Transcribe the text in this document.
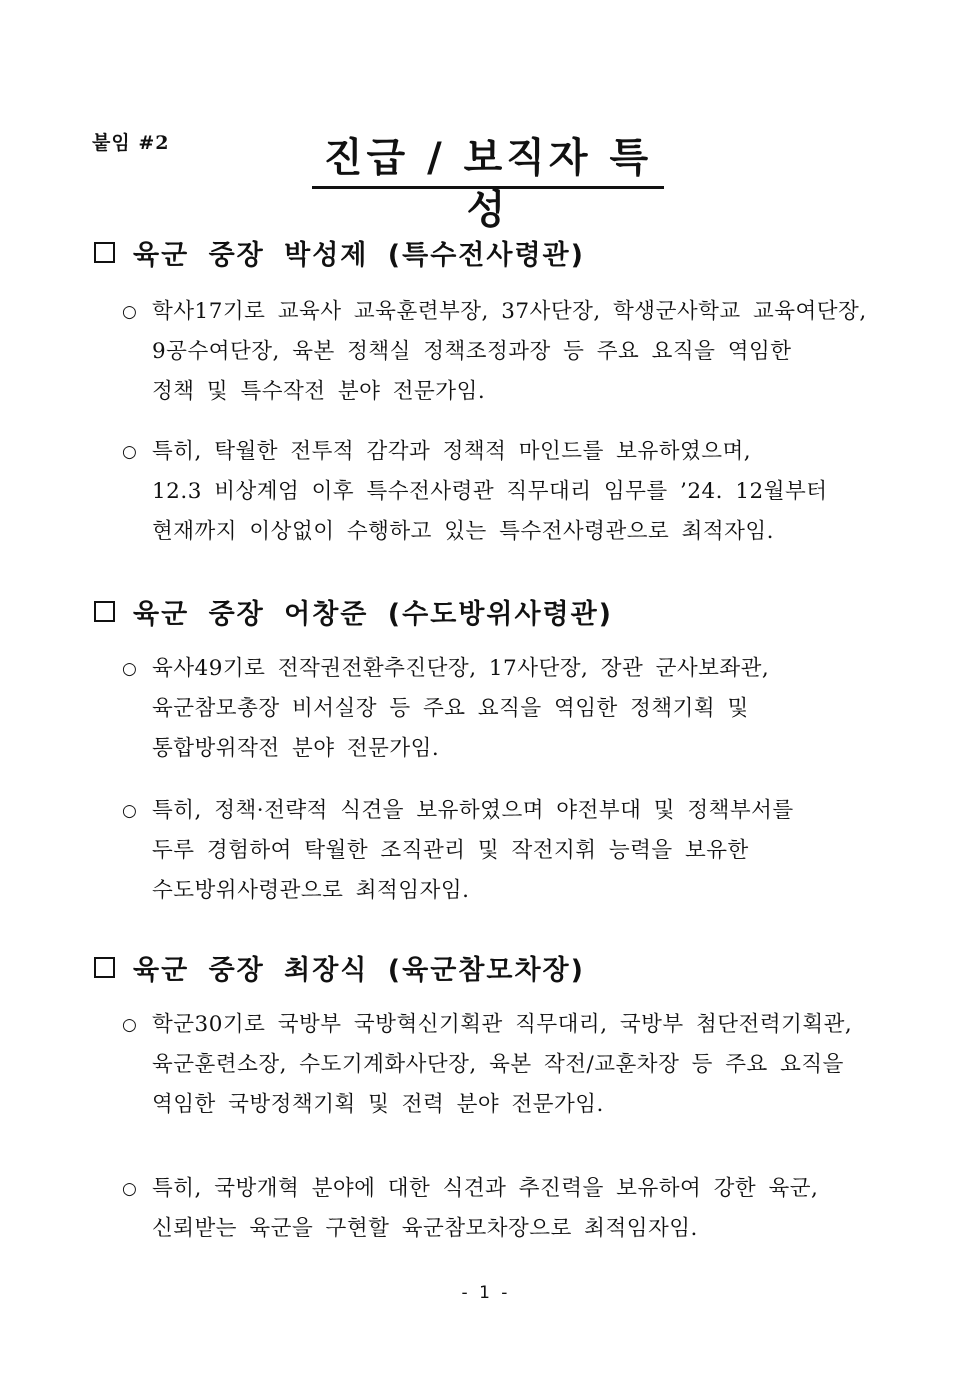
붙임 #2	진급 / 보직자 특성
육군 중장 박성제 (특수전사령관)
○ 학사17기로 교육사 교육훈련부장, 37사단장, 학생군사학교 교육여단장,
9공수여단장, 육본 정책실 정책조정과장 등 주요 요직을 역임한
정책 및 특수작전 분야 전문가임.
○ 특히, 탁월한 전투적 감각과 정책적 마인드를 보유하였으며,
12.3 비상계엄 이후 특수전사령관 직무대리 임무를 ’24. 12월부터
현재까지 이상없이 수행하고 있는 특수전사령관으로 최적자임.
육군 중장 어창준 (수도방위사령관)
○ 육사49기로 전작권전환추진단장, 17사단장, 장관 군사보좌관,
육군참모총장 비서실장 등 주요 요직을 역임한 정책기획 및
통합방위작전 분야 전문가임.
○ 특히, 정책·전략적 식견을 보유하였으며 야전부대 및 정책부서를
두루 경험하여 탁월한 조직관리 및 작전지휘 능력을 보유한
수도방위사령관으로 최적임자임.
육군 중장 최장식 (육군참모차장)
○ 학군30기로 국방부 국방혁신기획관 직무대리, 국방부 첨단전력기획관,
육군훈련소장, 수도기계화사단장, 육본 작전/교훈차장 등 주요 요직을
역임한 국방정책기획 및 전력 분야 전문가임.
○ 특히, 국방개혁 분야에 대한 식견과 추진력을 보유하여 강한 육군,
신뢰받는 육군을 구현할 육군참모차장으로 최적임자임.
- 1 -
